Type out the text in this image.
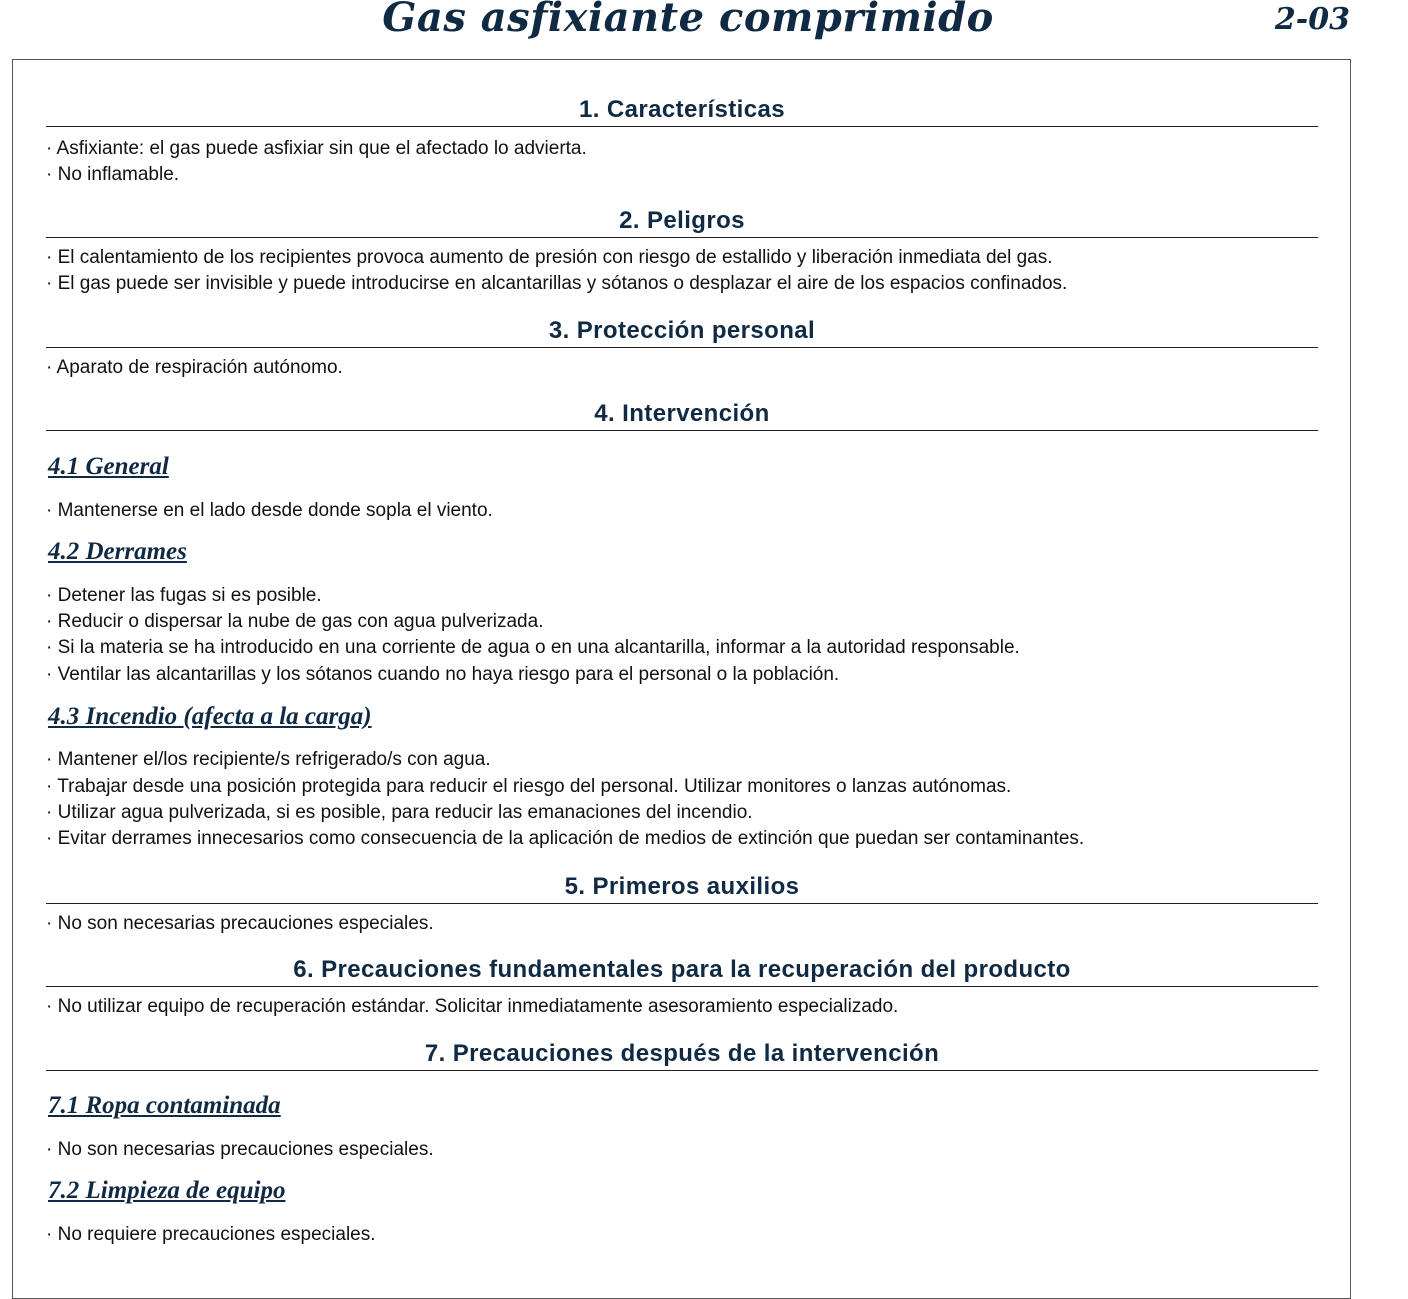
Gas asfixiante comprimido	2-03
1. Características
· Asfixiante: el gas puede asfixiar sin que el afectado lo advierta.
· No inflamable.
2. Peligros
· El calentamiento de los recipientes provoca aumento de presión con riesgo de estallido y liberación inmediata del gas.
· El gas puede ser invisible y puede introducirse en alcantarillas y sótanos o desplazar el aire de los espacios confinados.
3. Protección personal
· Aparato de respiración autónomo.
4. Intervención
4.1 General
· Mantenerse en el lado desde donde sopla el viento.
4.2 Derrames
· Detener las fugas si es posible.
· Reducir o dispersar la nube de gas con agua pulverizada.
· Si la materia se ha introducido en una corriente de agua o en una alcantarilla, informar a la autoridad responsable.
· Ventilar las alcantarillas y los sótanos cuando no haya riesgo para el personal o la población.
4.3 Incendio (afecta a la carga)
· Mantener el/los recipiente/s refrigerado/s con agua.
· Trabajar desde una posición protegida para reducir el riesgo del personal. Utilizar monitores o lanzas autónomas.
· Utilizar agua pulverizada, si es posible, para reducir las emanaciones del incendio.
· Evitar derrames innecesarios como consecuencia de la aplicación de medios de extinción que puedan ser contaminantes.
5. Primeros auxilios
· No son necesarias precauciones especiales.
6. Precauciones fundamentales para la recuperación del producto
· No utilizar equipo de recuperación estándar. Solicitar inmediatamente asesoramiento especializado.
7. Precauciones después de la intervención
7.1 Ropa contaminada
· No son necesarias precauciones especiales.
7.2 Limpieza de equipo
· No requiere precauciones especiales.
